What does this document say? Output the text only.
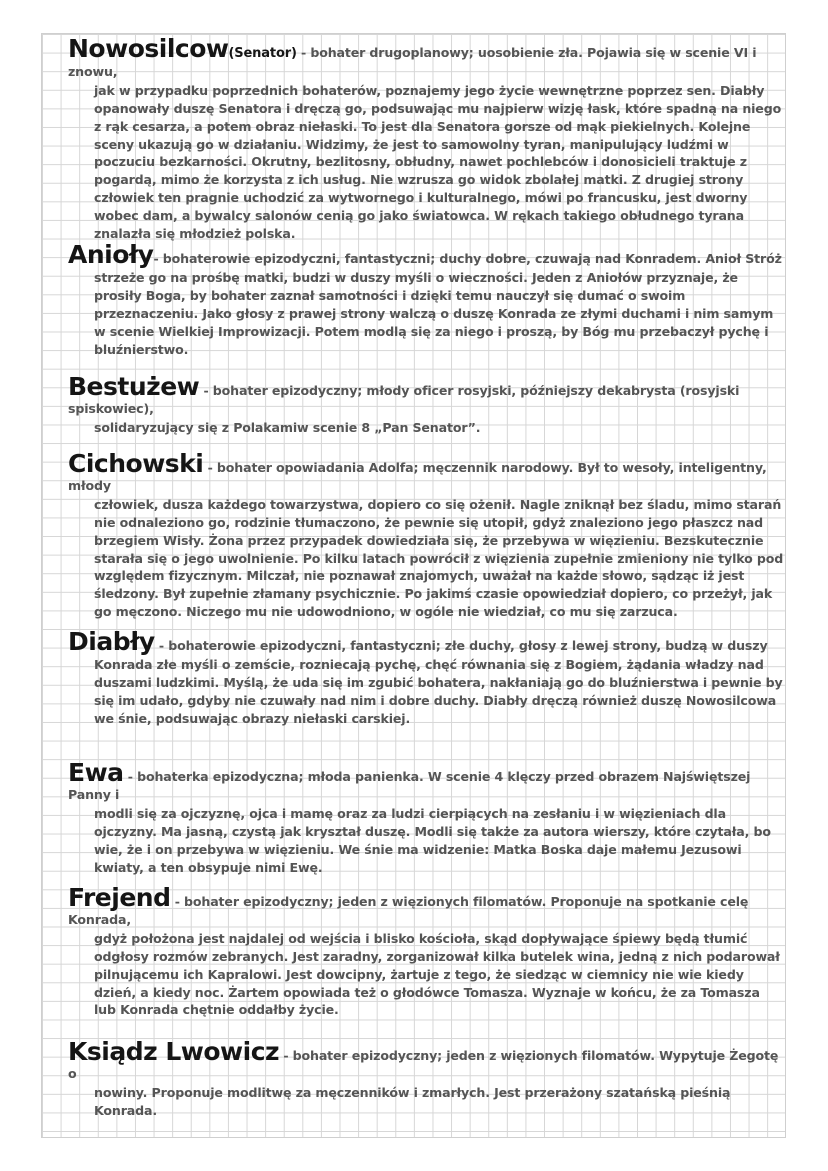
Nowosilcow(Senator) - bohater drugoplanowy; uosobienie zła. Pojawia się w scenie VI i znowu,
jak w przypadku poprzednich bohaterów, poznajemy jego życie wewnętrzne poprzez sen. Diabły opanowały duszę Senatora i dręczą go, podsuwając mu najpierw wizję łask, które spadną na niego z rąk cesarza, a potem obraz niełaski. To jest dla Senatora gorsze od mąk piekielnych. Kolejne sceny ukazują go w działaniu. Widzimy, że jest to samowolny tyran, manipulujący ludźmi w poczuciu bezkarności. Okrutny, bezlitosny, obłudny, nawet pochlebców i donosicieli traktuje z pogardą, mimo że korzysta z ich usług. Nie wzrusza go widok zbolałej matki. Z drugiej strony człowiek ten pragnie uchodzić za wytwornego i kulturalnego, mówi po francusku, jest dworny wobec dam, a bywalcy salonów cenią go jako światowca. W rękach takiego obłudnego tyrana znalazła się młodzież polska.

Anioły- bohaterowie epizodyczni, fantastyczni; duchy dobre, czuwają nad Konradem. Anioł Stróż
strzeże go na prośbę matki, budzi w duszy myśli o wieczności. Jeden z Aniołów przyznaje, że prosiły Boga, by bohater zaznał samotności i dzięki temu nauczył się dumać o swoim przeznaczeniu. Jako głosy z prawej strony walczą o duszę Konrada ze złymi duchami i nim samym w scenie Wielkiej Improwizacji. Potem modlą się za niego i proszą, by Bóg mu przebaczył pychę i bluźnierstwo.

Bestużew - bohater epizodyczny; młody oficer rosyjski, późniejszy dekabrysta (rosyjski spiskowiec),
solidaryzujący się z Polakamiw scenie 8 „Pan Senator”.

Cichowski - bohater opowiadania Adolfa; męczennik narodowy. Był to wesoły, inteligentny, młody
człowiek, dusza każdego towarzystwa, dopiero co się ożenił. Nagle zniknął bez śladu, mimo starań nie odnaleziono go, rodzinie tłumaczono, że pewnie się utopił, gdyż znaleziono jego płaszcz nad brzegiem Wisły. Żona przez przypadek dowiedziała się, że przebywa w więzieniu. Bezskutecznie starała się o jego uwolnienie. Po kilku latach powrócił z więzienia zupełnie zmieniony nie tylko pod względem fizycznym. Milczał, nie poznawał znajomych, uważał na każde słowo, sądząc iż jest śledzony. Był zupełnie złamany psychicznie. Po jakimś czasie opowiedział dopiero, co przeżył, jak go męczono. Niczego mu nie udowodniono, w ogóle nie wiedział, co mu się zarzuca.

Diabły - bohaterowie epizodyczni, fantastyczni; złe duchy, głosy z lewej strony, budzą w duszy
Konrada złe myśli o zemście, rozniecają pychę, chęć równania się z Bogiem, żądania władzy nad duszami ludzkimi. Myślą, że uda się im zgubić bohatera, nakłaniają go do bluźnierstwa i pewnie by się im udało, gdyby nie czuwały nad nim i dobre duchy. Diabły dręczą również duszę Nowosilcowa we śnie, podsuwając obrazy niełaski carskiej.

Ewa - bohaterka epizodyczna; młoda panienka. W scenie 4 klęczy przed obrazem Najświętszej Panny i
modli się za ojczyznę, ojca i mamę oraz za ludzi cierpiących na zesłaniu i w więzieniach dla ojczyzny. Ma jasną, czystą jak kryształ duszę. Modli się także za autora wierszy, które czytała, bo wie, że i on przebywa w więzieniu. We śnie ma widzenie: Matka Boska daje małemu Jezusowi kwiaty, a ten obsypuje nimi Ewę.

Frejend - bohater epizodyczny; jeden z więzionych filomatów. Proponuje na spotkanie celę Konrada,
gdyż położona jest najdalej od wejścia i blisko kościoła, skąd dopływające śpiewy będą tłumić odgłosy rozmów zebranych. Jest zaradny, zorganizował kilka butelek wina, jedną z nich podarował pilnującemu ich Kapralowi. Jest dowcipny, żartuje z tego, że siedząc w ciemnicy nie wie kiedy dzień, a kiedy noc. Żartem opowiada też o głodówce Tomasza. Wyznaje w końcu, że za Tomasza lub Konrada chętnie oddałby życie.

Ksiądz Lwowicz - bohater epizodyczny; jeden z więzionych filomatów. Wypytuje Żegotę o
nowiny. Proponuje modlitwę za męczenników i zmarłych. Jest przerażony szatańską pieśnią Konrada.
